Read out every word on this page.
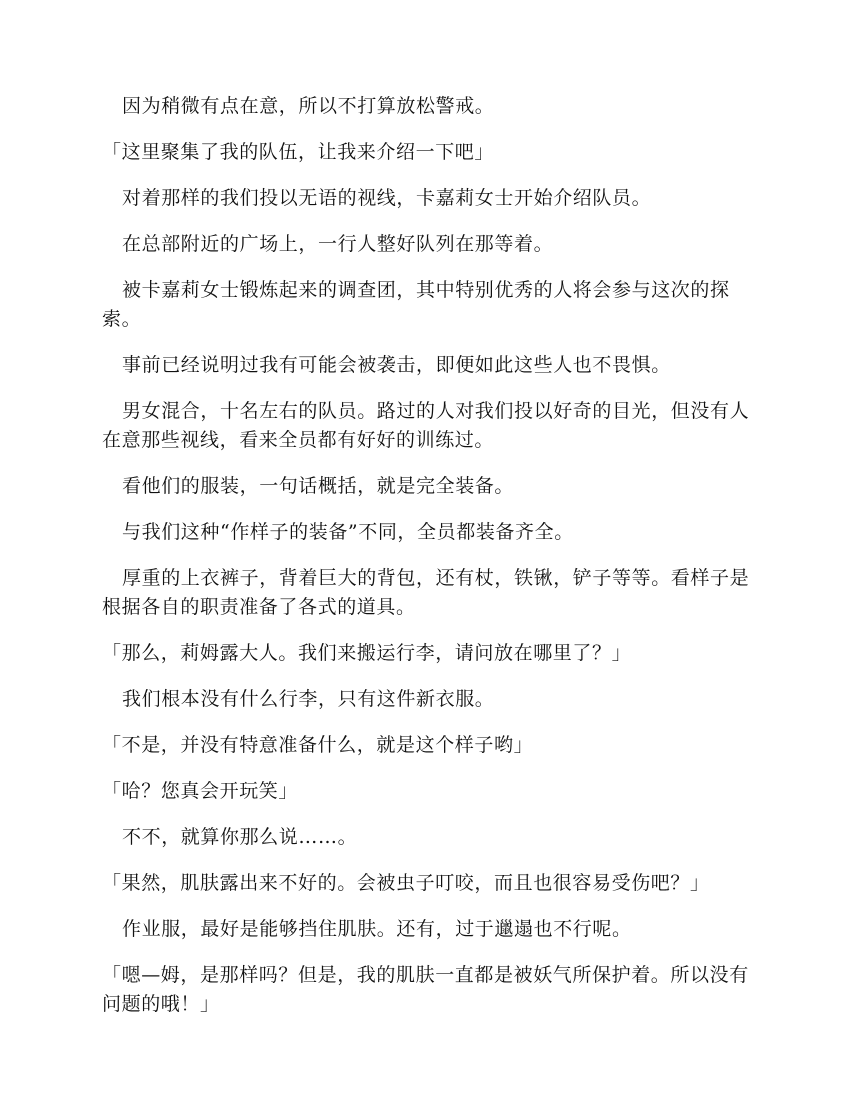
因为稍微有点在意，所以不打算放松警戒。

「这里聚集了我的队伍，让我来介绍一下吧」

对着那样的我们投以无语的视线，卡嘉莉女士开始介绍队员。

在总部附近的广场上，一行人整好队列在那等着。

被卡嘉莉女士锻炼起来的调查团，其中特别优秀的人将会参与这次的探索。

事前已经说明过我有可能会被袭击，即便如此这些人也不畏惧。

男女混合，十名左右的队员。路过的人对我们投以好奇的目光，但没有人在意那些视线，看来全员都有好好的训练过。

看他们的服装，一句话概括，就是完全装备。

与我们这种“作样子的装备”不同，全员都装备齐全。

厚重的上衣裤子，背着巨大的背包，还有杖，铁锹，铲子等等。看样子是根据各自的职责准备了各式的道具。

「那么，莉姆露大人。我们来搬运行李，请问放在哪里了？」

我们根本没有什么行李，只有这件新衣服。

「不是，并没有特意准备什么，就是这个样子哟」

「哈？您真会开玩笑」

不不，就算你那么说……。

「果然，肌肤露出来不好的。会被虫子叮咬，而且也很容易受伤吧？」

作业服，最好是能够挡住肌肤。还有，过于邋遢也不行呢。

「嗯—姆，是那样吗？但是，我的肌肤一直都是被妖气所保护着。所以没有问题的哦！」
